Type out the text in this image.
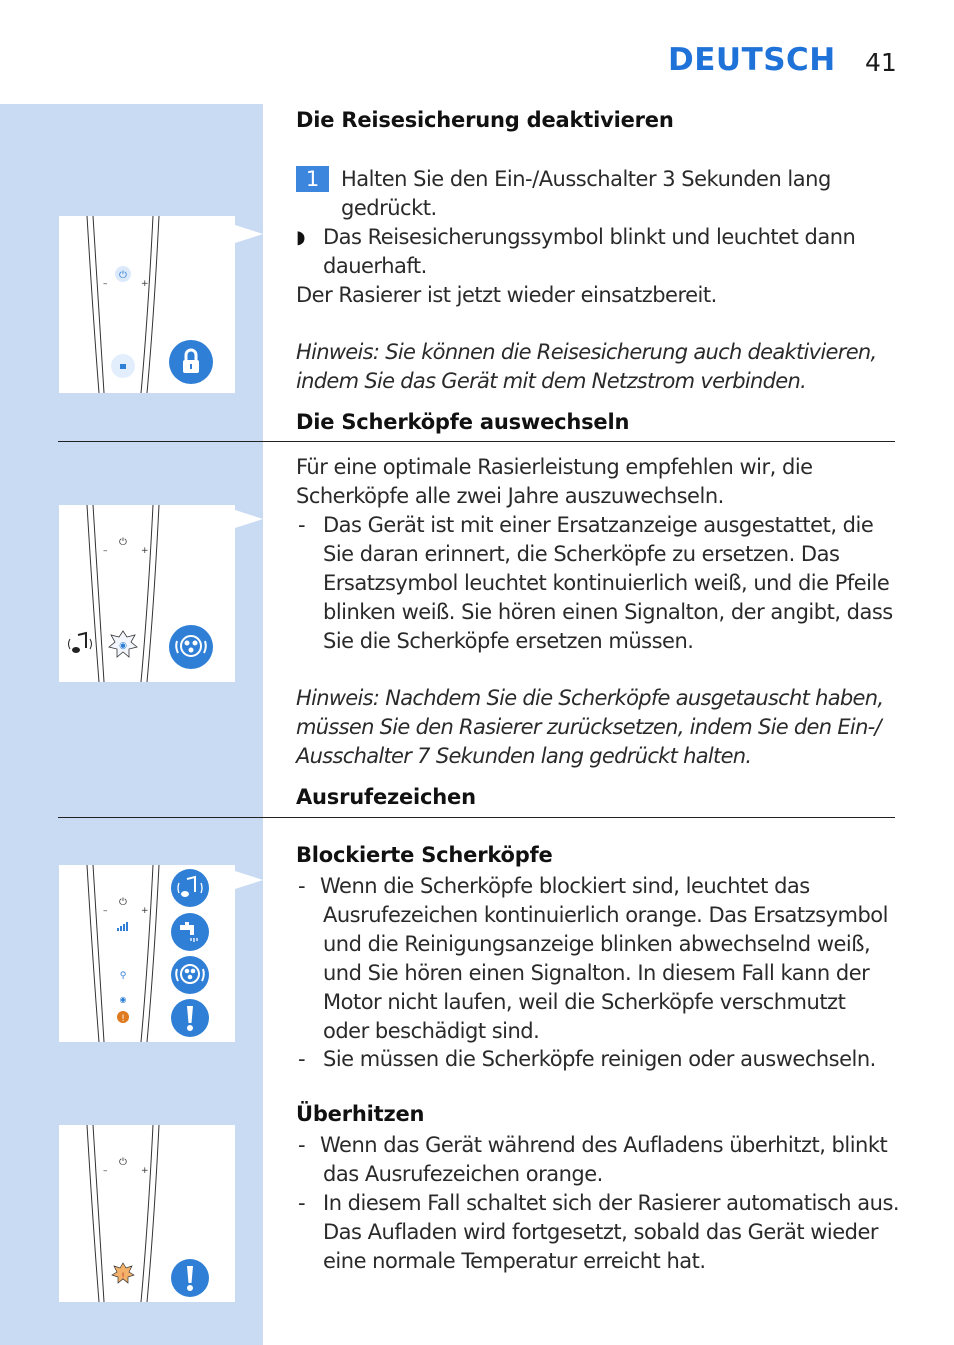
DEUTSCH 41
Die Reisesicherung deaktivieren
1	Halten Sie den Ein-/Ausschalter 3 Sekunden lang
gedrückt.
◗ Das Reisesicherungssymbol blinkt und leuchtet dann
dauerhaft.
Der Rasierer ist jetzt wieder einsatzbereit.
Hinweis: Sie können die Reisesicherung auch deaktivieren,
indem Sie das Gerät mit dem Netzstrom verbinden.
⏻
–	+
Die Scherköpfe auswechseln
Für eine optimale Rasierleistung empfehlen wir, die
Scherköpfe alle zwei Jahre auszuwechseln.
- Das Gerät ist mit einer Ersatzanzeige ausgestattet, die
Sie daran erinnert, die Scherköpfe zu ersetzen. Das
Ersatzsymbol leuchtet kontinuierlich weiß, und die Pfeile
blinken weiß. Sie hören einen Signalton, der angibt, dass
Sie die Scherköpfe ersetzen müssen.
Hinweis: Nachdem Sie die Scherköpfe ausgetauscht haben,
müssen Sie den Rasierer zurücksetzen, indem Sie den Ein-/
Ausschalter 7 Sekunden lang gedrückt halten.
⏻
–	+
◉
Ausrufezeichen
Blockierte Scherköpfe
- Wenn die Scherköpfe blockiert sind, leuchtet das
Ausrufezeichen kontinuierlich orange. Das Ersatzsymbol
und die Reinigungsanzeige blinken abwechselnd weiß,
und Sie hören einen Signalton. In diesem Fall kann der
Motor nicht laufen, weil die Scherköpfe verschmutzt
oder beschädigt sind.
- Sie müssen die Scherköpfe reinigen oder auswechseln.
⏻
–	+
⚲
◉
!
Überhitzen
- Wenn das Gerät während des Aufladens überhitzt, blinkt
das Ausrufezeichen orange.
- In diesem Fall schaltet sich der Rasierer automatisch aus.
Das Aufladen wird fortgesetzt, sobald das Gerät wieder
eine normale Temperatur erreicht hat.
⏻
–	+
!
